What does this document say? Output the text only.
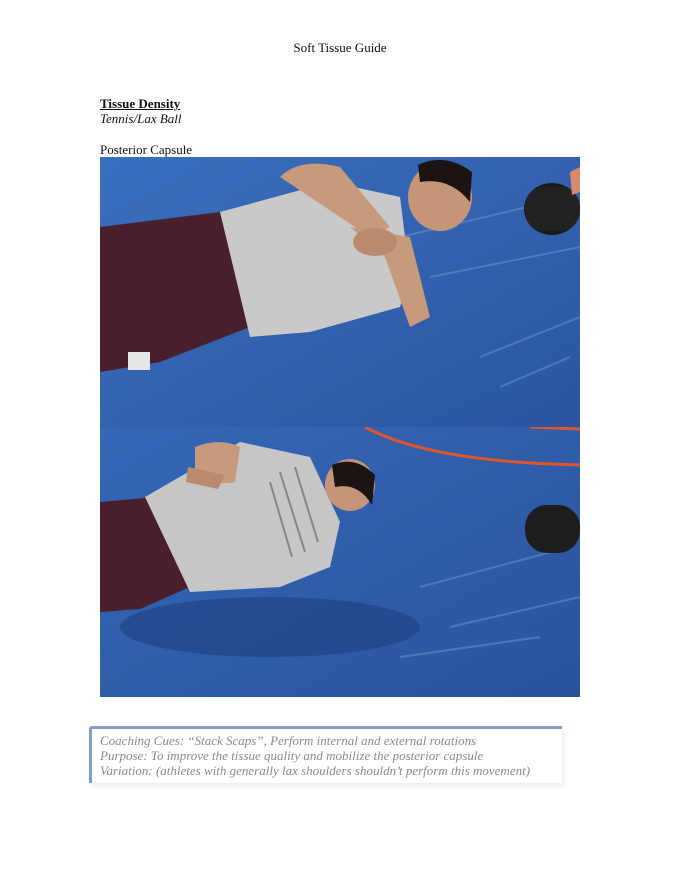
Soft Tissue Guide
Tissue Density
Tennis/Lax Ball
Posterior Capsule
Coaching Cues: “Stack Scaps”, Perform internal and external rotations
Purpose: To improve the tissue quality and mobilize the posterior capsule
Variation: (athletes with generally lax shoulders shouldn’t perform this movement)
